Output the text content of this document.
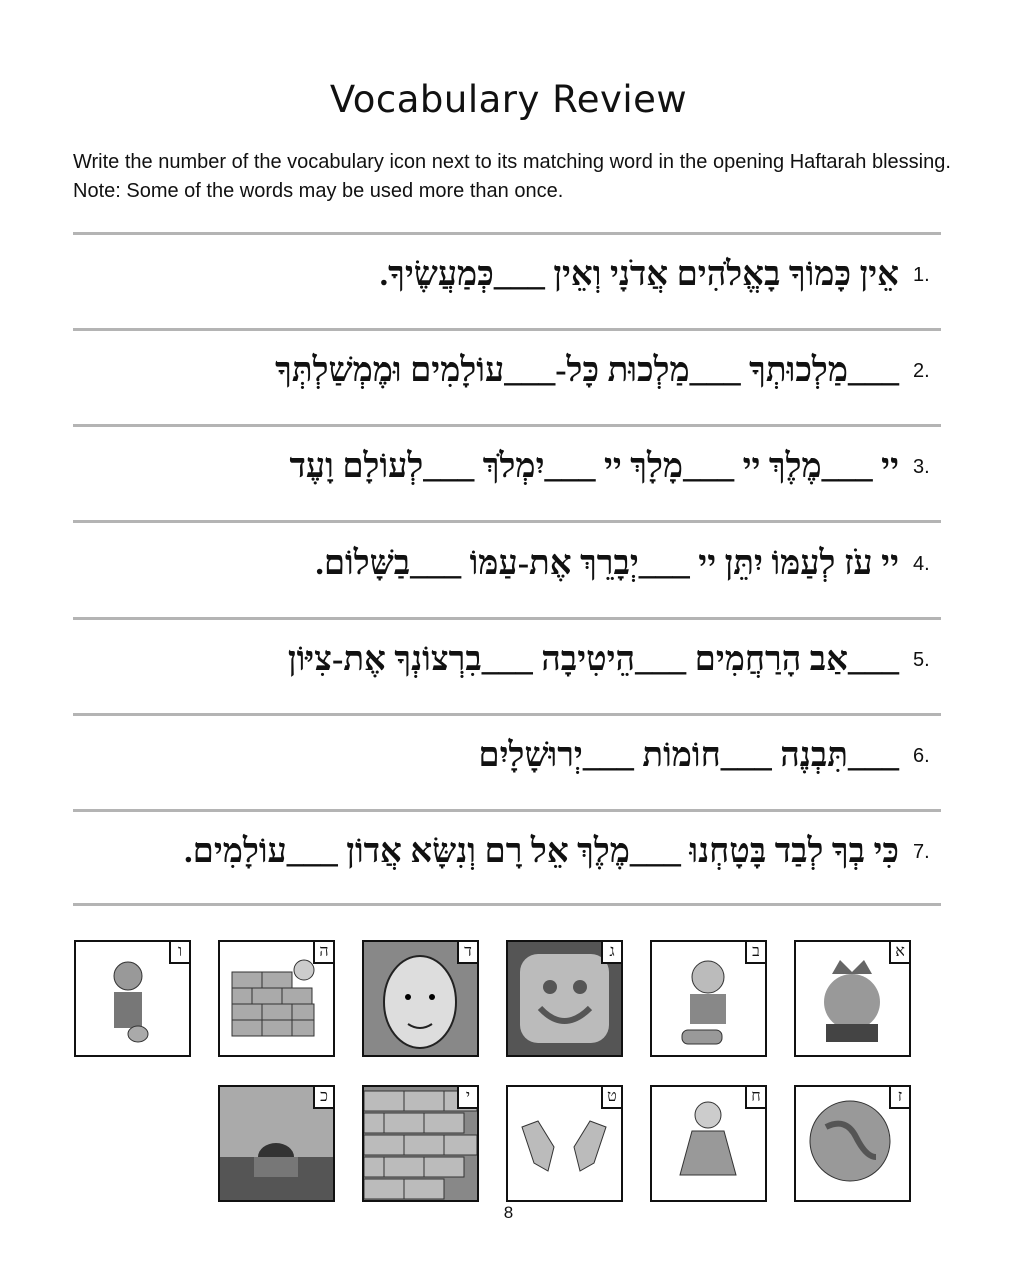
Vocabulary Review
Write the number of the vocabulary icon next to its matching word in the opening Haftarah blessing. Note: Some of the words may be used more than once.
אֵין כָּמוֹךָ בָאֱלֹהִים אֲדֹנָי וְאֵין ___כְּמַעֲשֶׂיךָ. 1.
___מַלְכוּתְךָ ___מַלְכוּת כָּל-___עוֹלָמִים וּמֶמְשַׁלְתְּךָ 2.
יי ___מֶלֶךְ יי ___מָלָךְ יי ___יִמְלֹךְ ___לְעוֹלָם וָעֶד 3.
יי עֹז לְעַמּוֹ יִתֵּן יי ___יְבָרֵךְ אֶת-עַמּוֹ ___בַשָּׁלוֹם. 4.
___אַב הָרַחֲמִים ___הֵיטִיבָה ___בִרְצוֹנְךָ אֶת-צִיּוֹן 5.
___תִּבְנֶה ___חוֹמוֹת ___יְרוּשָׁלָיִם 6.
כִּי בְךָ לְבַד בָּטָחְנוּ ___מֶלֶךְ אֵל רָם וְנִשָּׂא אֲדוֹן ___עוֹלָמִים. 7.
א
ב
ג
ד
ה
ו
ז
ח
ט
י
כ
8
